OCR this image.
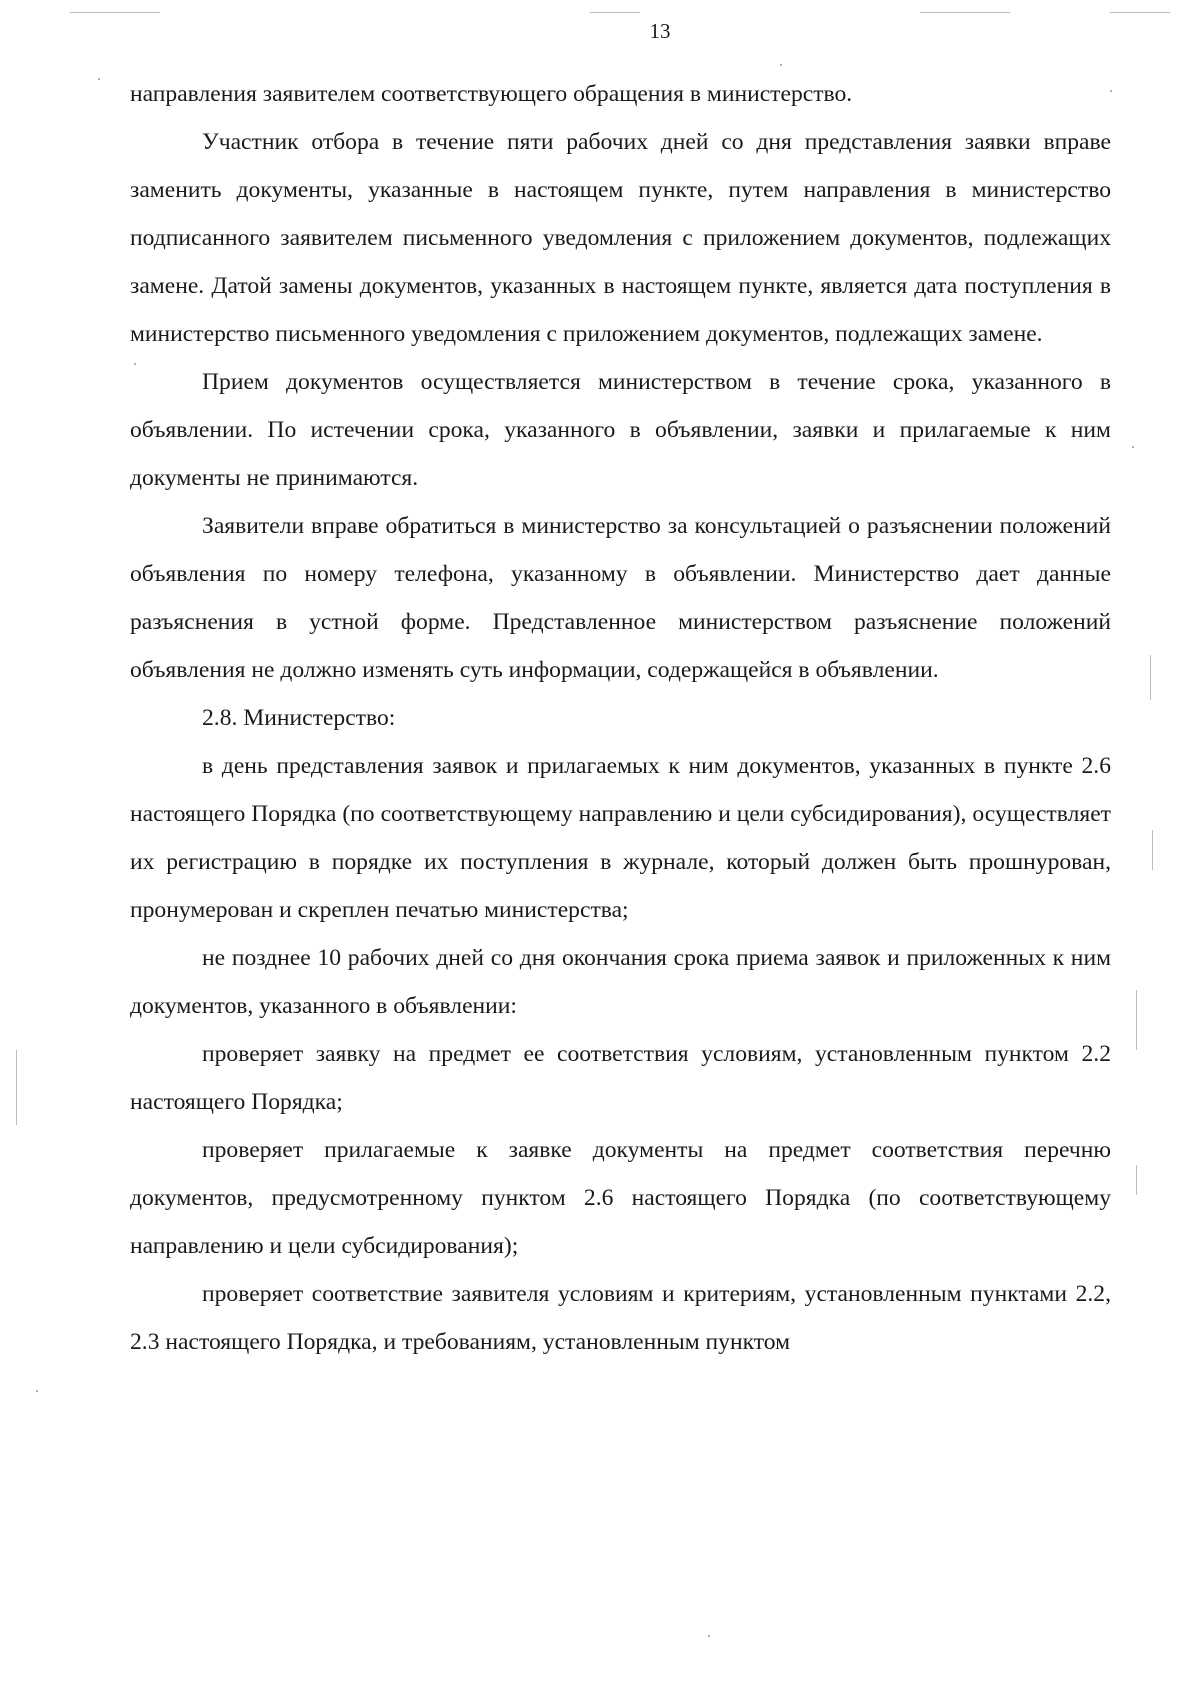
13

направления заявителем соответствующего обращения в министерство.

Участник отбора в течение пяти рабочих дней со дня представления заявки вправе заменить документы, указанные в настоящем пункте, путем направления в министерство подписанного заявителем письменного уведомления с приложением документов, подлежащих замене. Датой замены документов, указанных в настоящем пункте, является дата поступления в министерство письменного уведомления с приложением документов, подлежащих замене.

Прием документов осуществляется министерством в течение срока, указанного в объявлении. По истечении срока, указанного в объявлении, заявки и прилагаемые к ним документы не принимаются.

Заявители вправе обратиться в министерство за консультацией о разъяснении положений объявления по номеру телефона, указанному в объявлении. Министерство дает данные разъяснения в устной форме. Представленное министерством разъяснение положений объявления не должно изменять суть информации, содержащейся в объявлении.

2.8. Министерство:

в день представления заявок и прилагаемых к ним документов, указанных в пункте 2.6 настоящего Порядка (по соответствующему направлению и цели субсидирования), осуществляет их регистрацию в порядке их поступления в журнале, который должен быть прошнурован, пронумерован и скреплен печатью министерства;

не позднее 10 рабочих дней со дня окончания срока приема заявок и приложенных к ним документов, указанного в объявлении:

проверяет заявку на предмет ее соответствия условиям, установленным пунктом 2.2 настоящего Порядка;

проверяет прилагаемые к заявке документы на предмет соответствия перечню документов, предусмотренному пунктом 2.6 настоящего Порядка (по соответствующему направлению и цели субсидирования);

проверяет соответствие заявителя условиям и критериям, установленным пунктами 2.2, 2.3 настоящего Порядка, и требованиям, установленным пунктом
